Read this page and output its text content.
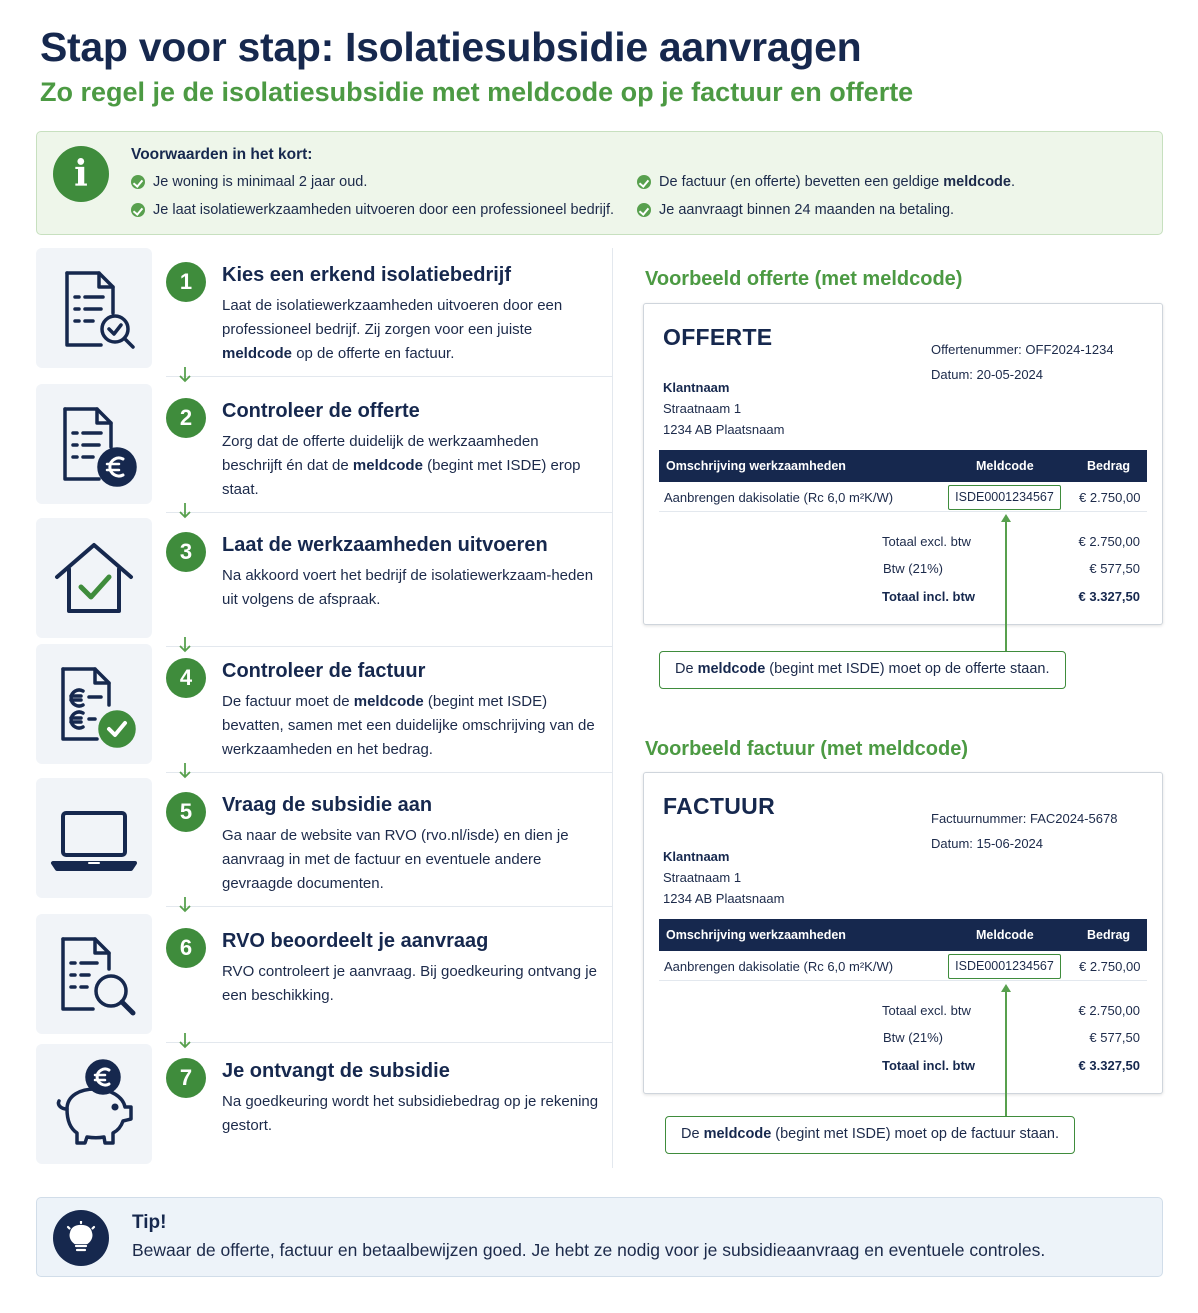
Stap voor stap: Isolatiesubsidie aanvragen
Zo regel je de isolatiesubsidie met meldcode op je factuur en offerte
i	Voorwaarden in het kort:
Je woning is minimaal 2 jaar oud.
Je laat isolatiewerkzaamheden uitvoeren door een professioneel bedrijf.
De factuur (en offerte) bevetten een geldige meldcode.
Je aanvraagt binnen 24 maanden na betaling.
1	Kies een erkend isolatiebedrijf
Laat de isolatiewerkzaamheden uitvoeren door een professioneel bedrijf. Zij zorgen voor een juiste meldcode op de offerte en factuur.
2	Controleer de offerte
Zorg dat de offerte duidelijk de werkzaamheden beschrijft én dat de meldcode (begint met ISDE) erop staat.
3	Laat de werkzaamheden uitvoeren
Na akkoord voert het bedrijf de isolatiewerkzaam-heden uit volgens de afspraak.
4	Controleer de factuur
De factuur moet de meldcode (begint met ISDE) bevatten, samen met een duidelijke omschrijving van de werkzaamheden en het bedrag.
5	Vraag de subsidie aan
Ga naar de website van RVO (rvo.nl/isde) en dien je aanvraag in met de factuur en eventuele andere gevraagde documenten.
6	RVO beoordeelt je aanvraag
RVO controleert je aanvraag. Bij goedkeuring ontvang je een beschikking.
7	Je ontvangt de subsidie
Na goedkeuring wordt het subsidiebedrag op je rekening gestort.
Voorbeeld offerte (met meldcode)
OFFERTE	Offertenummer: OFF2024-1234
Datum: 20-05-2024
Klantnaam
Straatnaam 1
1234 AB Plaatsnaam
Omschrijving werkzaamheden	Meldcode	Bedrag
Aanbrengen dakisolatie (Rc 6,0 m²K/W)	ISDE0001234567	€ 2.750,00
Totaal excl. btw	€ 2.750,00
Btw (21%)	€ 577,50
Totaal incl. btw	€ 3.327,50
De meldcode (begint met ISDE) moet op de offerte staan.
Voorbeeld factuur (met meldcode)
FACTUUR	Factuurnummer: FAC2024-5678
Datum: 15-06-2024
Klantnaam
Straatnaam 1
1234 AB Plaatsnaam
Omschrijving werkzaamheden	Meldcode	Bedrag
Aanbrengen dakisolatie (Rc 6,0 m²K/W)	ISDE0001234567	€ 2.750,00
Totaal excl. btw	€ 2.750,00
Btw (21%)	€ 577,50
Totaal incl. btw	€ 3.327,50
De meldcode (begint met ISDE) moet op de factuur staan.
Tip!
Bewaar de offerte, factuur en betaalbewijzen goed. Je hebt ze nodig voor je subsidieaanvraag en eventuele controles.
